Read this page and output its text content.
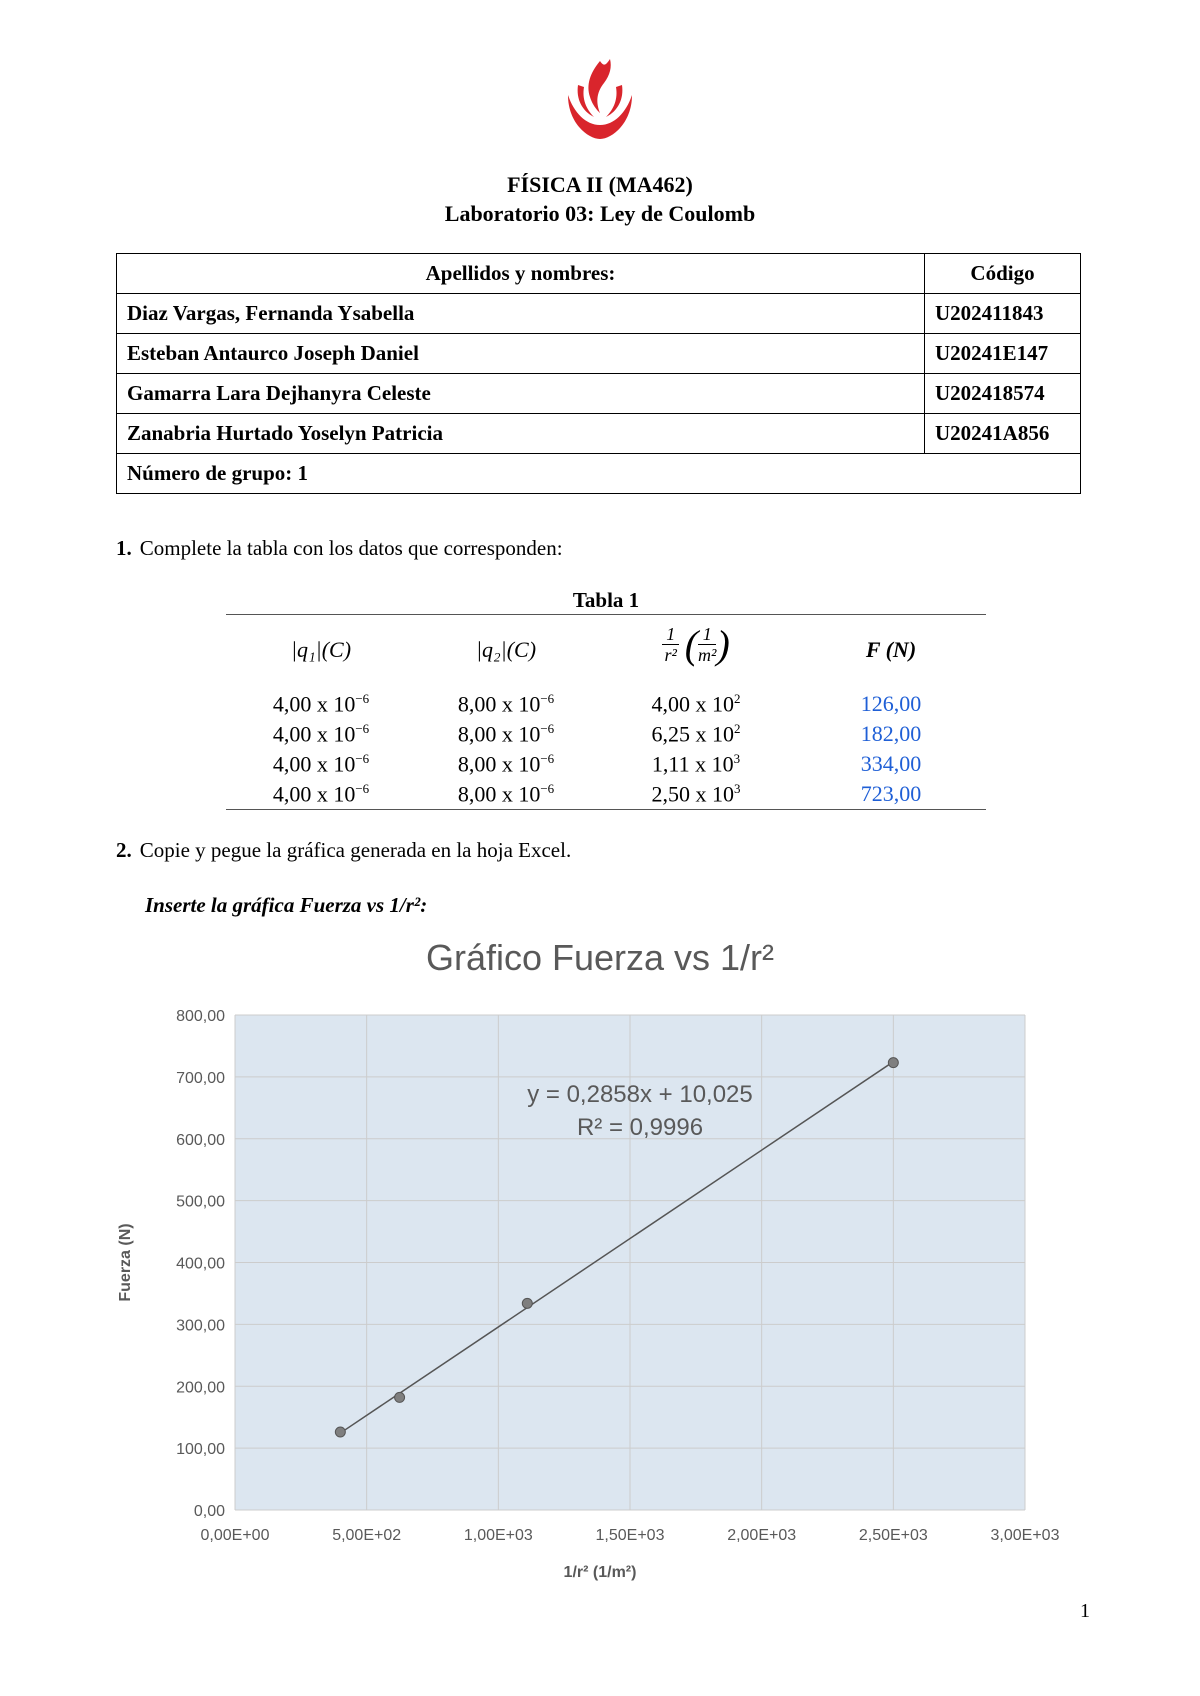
FÍSICA II (MA462)
Laboratorio 03: Ley de Coulomb
Apellidos y nombres:	Código
Diaz Vargas, Fernanda Ysabella	U202411843
Esteban Antaurco Joseph Daniel	U20241E147
Gamarra Lara Dejhanyra Celeste	U202418574
Zanabria Hurtado Yoselyn Patricia	U20241A856
Número de grupo: 1	
1. Complete la tabla con los datos que corresponden:
Tabla 1
|q₁|(C)	|q₂|(C)	$\frac{1}{\text{r²}}$ ( $\frac{1}{\text{m²}}$ )	F (N)
4,00 x $10^{-6}$	8,00 x $10^{-6}$	4,00 x $10^2$	126,00
4,00 x $10^{-6}$	8,00 x $10^{-6}$	6,25 x $10^2$	182,00
4,00 x $10^{-6}$	8,00 x $10^{-6}$	1,11 x $10^3$	334,00
4,00 x $10^{-6}$	8,00 x $10^{-6}$	2,50 x $10^3$	723,00
2. Copie y pegue la gráfica generada en la hoja Excel.
Inserte la gráfica Fuerza vs 1/r²:
Gráfico Fuerza vs 1/r²
0,00
100,00
200,00
300,00
400,00
500,00
600,00
700,00
800,00
0,00E+00	5,00E+02	1,00E+03	1,50E+03	2,00E+03	2,50E+03	3,00E+03
1/r² (1/m²)
Fuerza (N)
y = 0,2858x + 10,025
R² = 0,9996
1
